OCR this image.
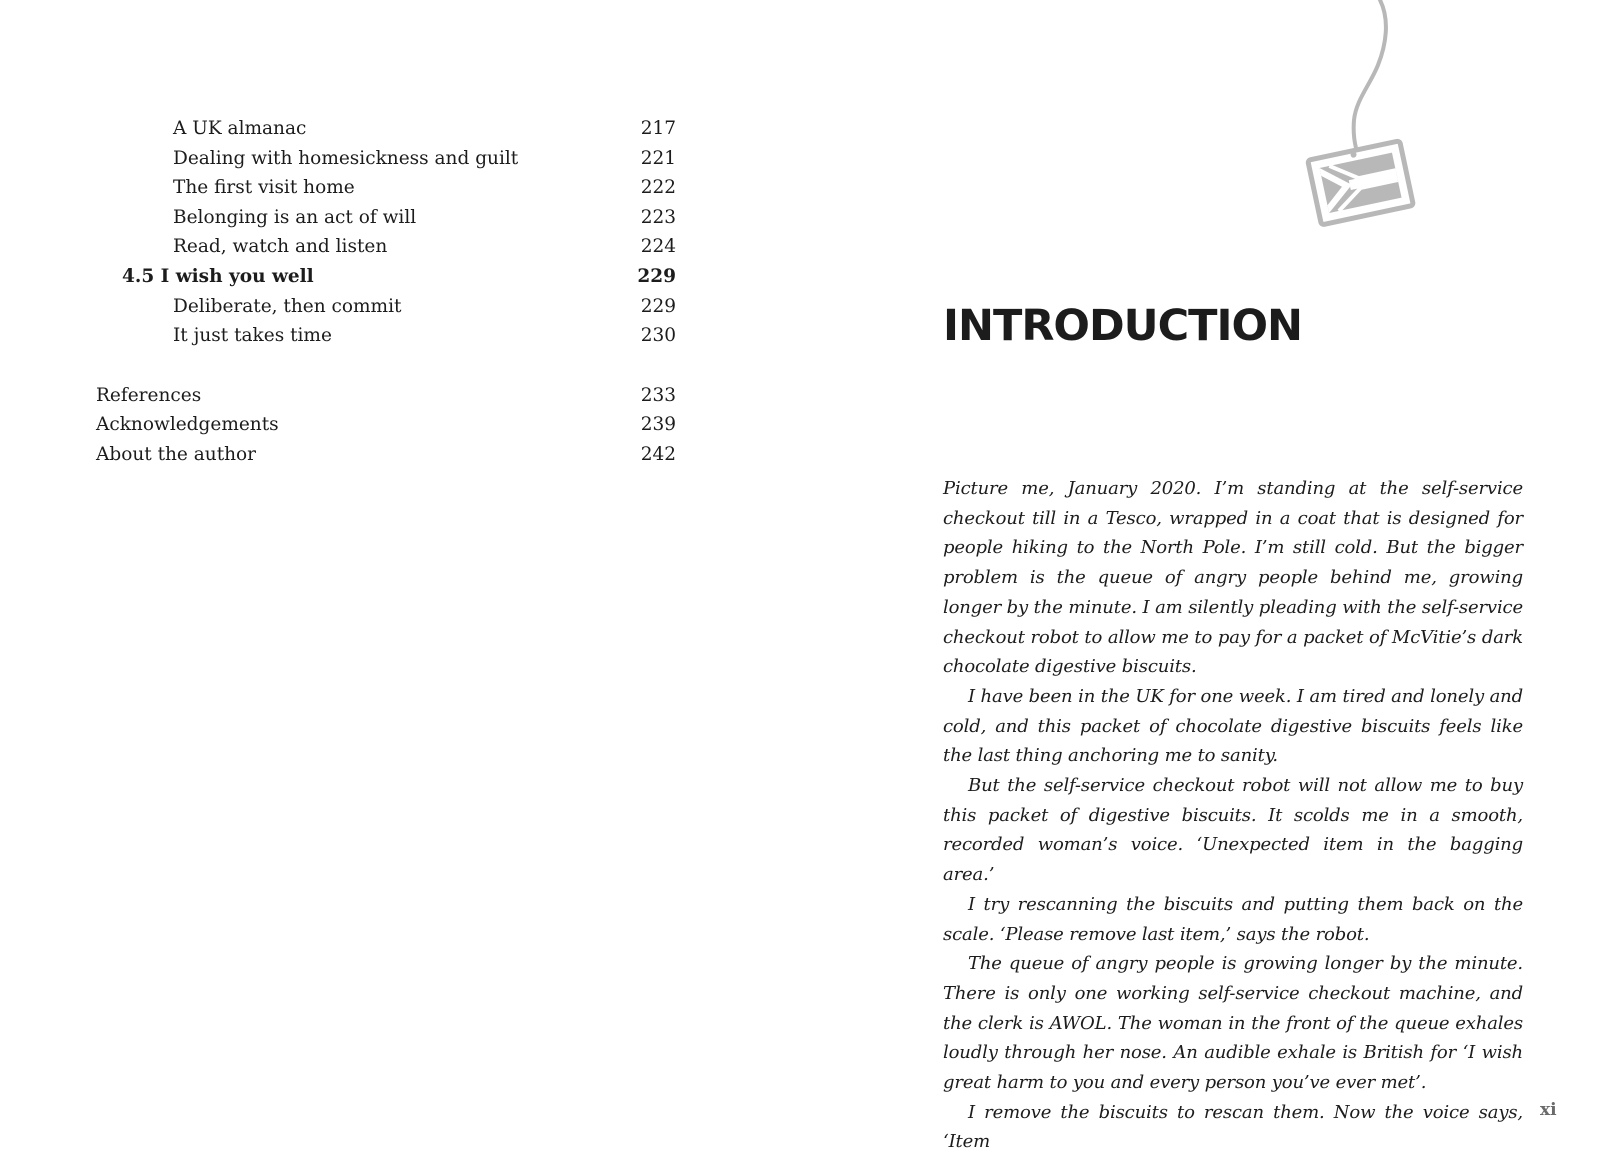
A UK almanac	217
Dealing with homesickness and guilt	221
The first visit home	222
Belonging is an act of will	223
Read, watch and listen	224
4.5 I wish you well	229
Deliberate, then commit	229
It just takes time	230
References	233
Acknowledgements	239
About the author	242
INTRODUCTION

Picture me, January 2020. I’m standing at the self-service checkout till in a Tesco, wrapped in a coat that is designed for people hiking to the North Pole. I’m still cold. But the bigger problem is the queue of angry people behind me, growing longer by the minute. I am silently pleading with the self-service checkout robot to allow me to pay for a packet of McVitie’s dark chocolate digestive biscuits.

I have been in the UK for one week. I am tired and lonely and cold, and this packet of chocolate digestive biscuits feels like the last thing anchoring me to sanity.

But the self-service checkout robot will not allow me to buy this packet of digestive biscuits. It scolds me in a smooth, recorded woman’s voice. ‘Unexpected item in the bagging area.’

I try rescanning the biscuits and putting them back on the scale. ‘Please remove last item,’ says the robot.

The queue of angry people is growing longer by the minute. There is only one working self-service checkout machine, and the clerk is AWOL. The woman in the front of the queue exhales loudly through her nose. An audible exhale is British for ‘I wish great harm to you and every person you’ve ever met’.

I remove the biscuits to rescan them. Now the voice says, ‘Item

xi
